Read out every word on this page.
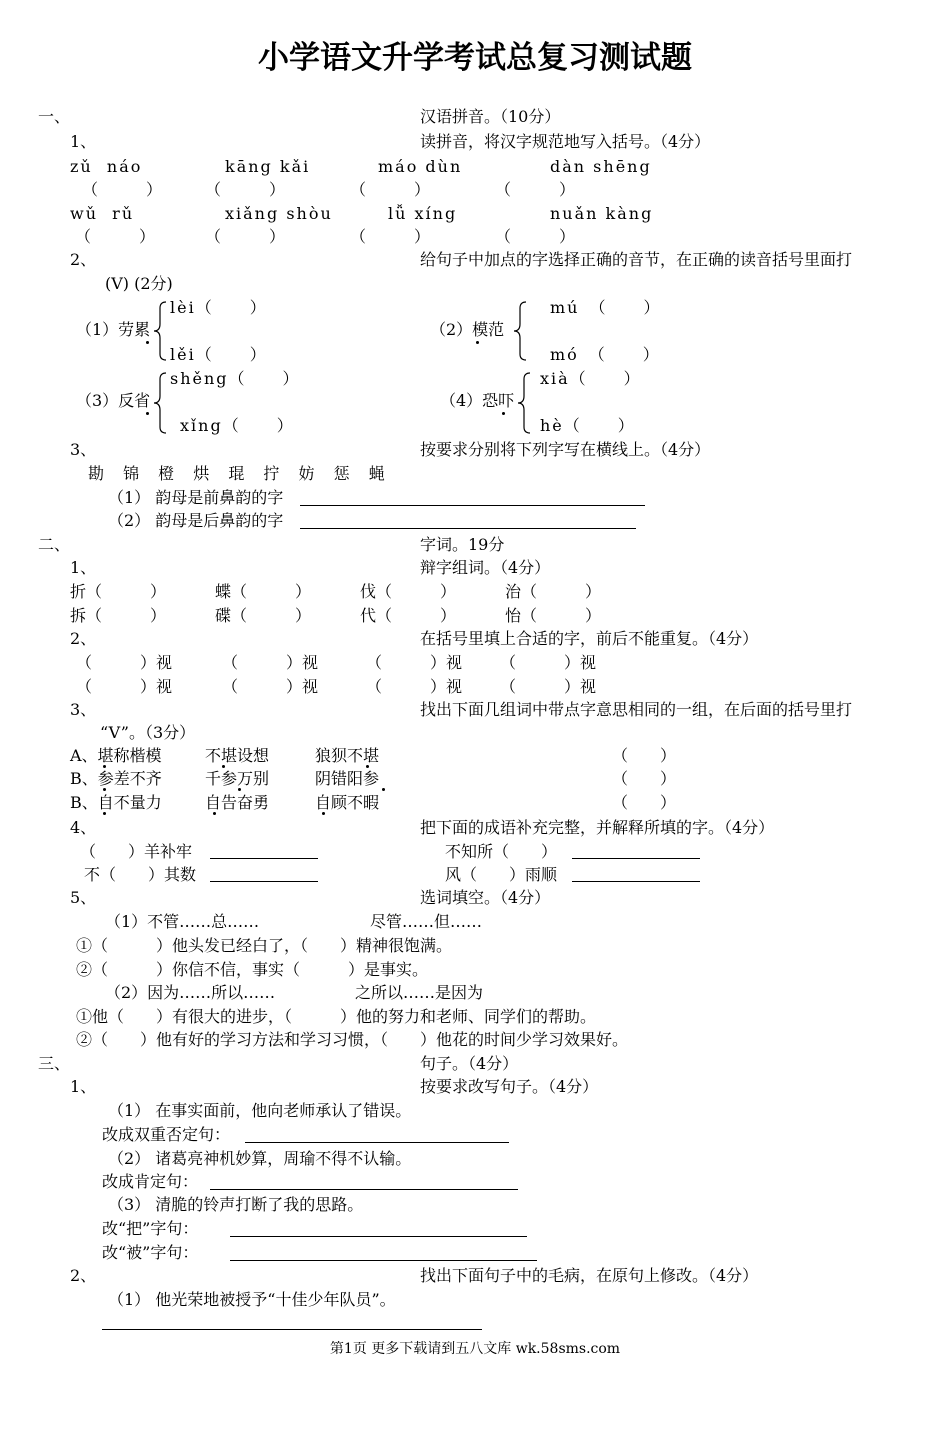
小学语文升学考试总复习测试题
一、	汉语拼音。（10分）
1、	读拼音，将汉字规范地写入括号。（4分）
zǔ  náo	kāng kǎi	máo dùn	dàn shēng
（　　　）	（　　　）	（　　　）	（　　　）
wǔ  rǔ	xiǎng shòu	lǚ xíng	nuǎn kàng
（　　　）	（　　　）	（　　　）	（　　　）
2、	给句子中加点的字选择正确的音节，在正确的读音括号里面打
(V) (2分)
（1）劳累
lèi（　　）
lěi（　　）
（2）模范
mú　（　　）
mó　（　　）
（3）反省
shěng（　　）
xǐng（　　）
（4）恐吓
xià（　　）
hè（　　）
3、	按要求分别将下列字写在横线上。（4分）
勘 锦 橙 烘 琨 拧 妨 惩 蝇
（1） 韵母是前鼻韵的字
（2） 韵母是后鼻韵的字
二、	字词。19分
1、	辩字组词。（4分）
折（　　　）	蝶（　　　）	伐（　　　）	治（　　　）
拆（　　　）	碟（　　　）	代（　　　）	怡（　　　）
2、	在括号里填上合适的字，前后不能重复。（4分）
（　　　）视	（　　　）视	（　　　）视 （　　　）视
（　　　）视	（　　　）视	（　　　）视 （　　　）视
3、	找出下面几组词中带点字意思相同的一组，在后面的括号里打
“V”。（3分）
A、堪称楷模	不堪设想	狼狈不堪	（　　）
B、参差不齐	千参万别	阴错阳参	（　　）
B、自不量力	自告奋勇	自顾不暇	（　　）
4、	把下面的成语补充完整，并解释所填的字。（4分）
（　　）羊补牢	不知所（　　）
不（　　）其数	风（　　）雨顺
5、	选词填空。（4分）
（1）不管……总……	尽管……但……
①（　　　）他头发已经白了，（　　）精神很饱满。
②（　　　）你信不信，事实（　　　）是事实。
（2）因为……所以……	之所以……是因为
①他（　　）有很大的进步，（　　　）他的努力和老师、同学们的帮助。
②（　　）他有好的学习方法和学习习惯，（　　）他花的时间少学习效果好。
三、	句子。（4分）
1、	按要求改写句子。（4分）
（1） 在事实面前，他向老师承认了错误。
改成双重否定句：
（2） 诸葛亮神机妙算，周瑜不得不认输。
改成肯定句：
（3） 清脆的铃声打断了我的思路。
改“把”字句：
改“被”字句：
2、	找出下面句子中的毛病，在原句上修改。（4分）
（1） 他光荣地被授予“十佳少年队员”。
第1页 更多下载请到五八文库 wk.58sms.com
